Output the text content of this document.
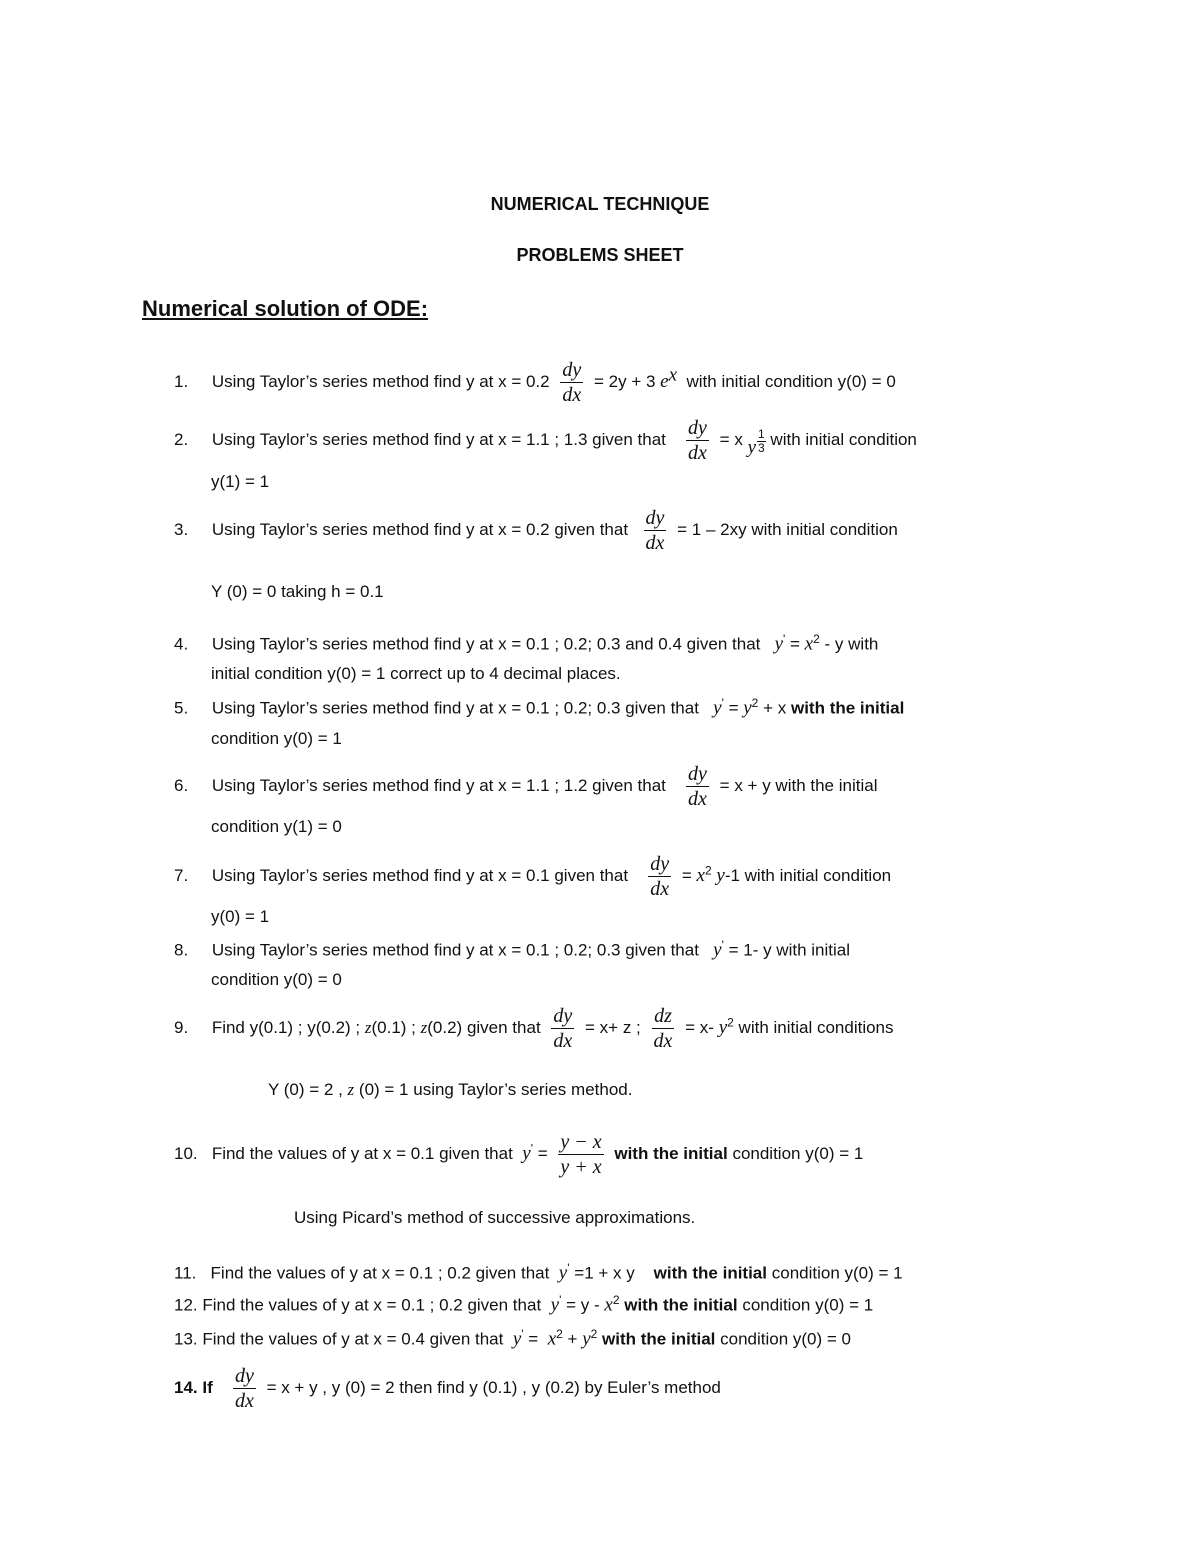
NUMERICAL TECHNIQUE
PROBLEMS SHEET
Numerical solution of ODE:
1. Using Taylor’s series method find y at $x = 0.2 \frac{dy}{dx} = 2y + 3$ $e^x$ with initial condition y(0) = 0
2. Using Taylor’s series method find y at x = 1.1 ; 1.3 given that $\frac{dy}{dx} = x$ y $\frac{1}{3}$ with initial condition
y(1) = 1
3. Using Taylor’s series method find y at x = 0.2 given that $\frac{dy}{dx} = 1 - 2xy$ with initial condition
Y (0) = 0 taking h = 0.1
4. Using Taylor’s series method find y at x = 0.1 ; 0.2; 0.3 and 0.4 given that $y' = x^2 - y$ with
initial condition y(0) = 1 correct up to 4 decimal places.
5. Using Taylor’s series method find y at x = 0.1 ; 0.2; 0.3 given that $y' = y^2 + x$ with the initial
condition y(0) = 1
6. Using Taylor’s series method find y at x = 1.1 ; 1.2 given that $\frac{dy}{dx} = x + y$ with the initial
condition y(1) = 0
7. Using Taylor’s series method find y at x = 0.1 given that $\frac{dy}{dx} = x^2$ y-1 with initial condition
y(0) = 1
8. Using Taylor’s series method find y at x = 0.1 ; 0.2; 0.3 given that y' = 1- y with initial
condition y(0) = 0
9. Find y(0.1) ; y(0.2) ; z(0.1) ; z(0.2) given that $\frac{dy}{dx} = x+ z$ ; $\frac{dz}{dx} = x-$ $y^2$ with initial conditions
Y (0) = 2 , z (0) = 1 using Taylor’s series method.
10. Find the values of y at x = 0.1 given that $y' = \frac{y - x}{y + x}$ with the initial condition y(0) = 1
Using Picard’s method of successive approximations.
11. Find the values of y at x = 0.1 ; 0.2 given that y' =1 + x y with the initial condition y(0) = 1
12. Find the values of y at x = 0.1 ; 0.2 given that $y' = y - x^2$ with the initial condition y(0) = 1
13. Find the values of y at x = 0.4 given that $y' = x^2 + y^2$ with the initial condition y(0) = 0
14. If $\frac{dy}{dx} = x + y$ , y (0) = 2 then find y (0.1) , y (0.2) by Euler’s method
